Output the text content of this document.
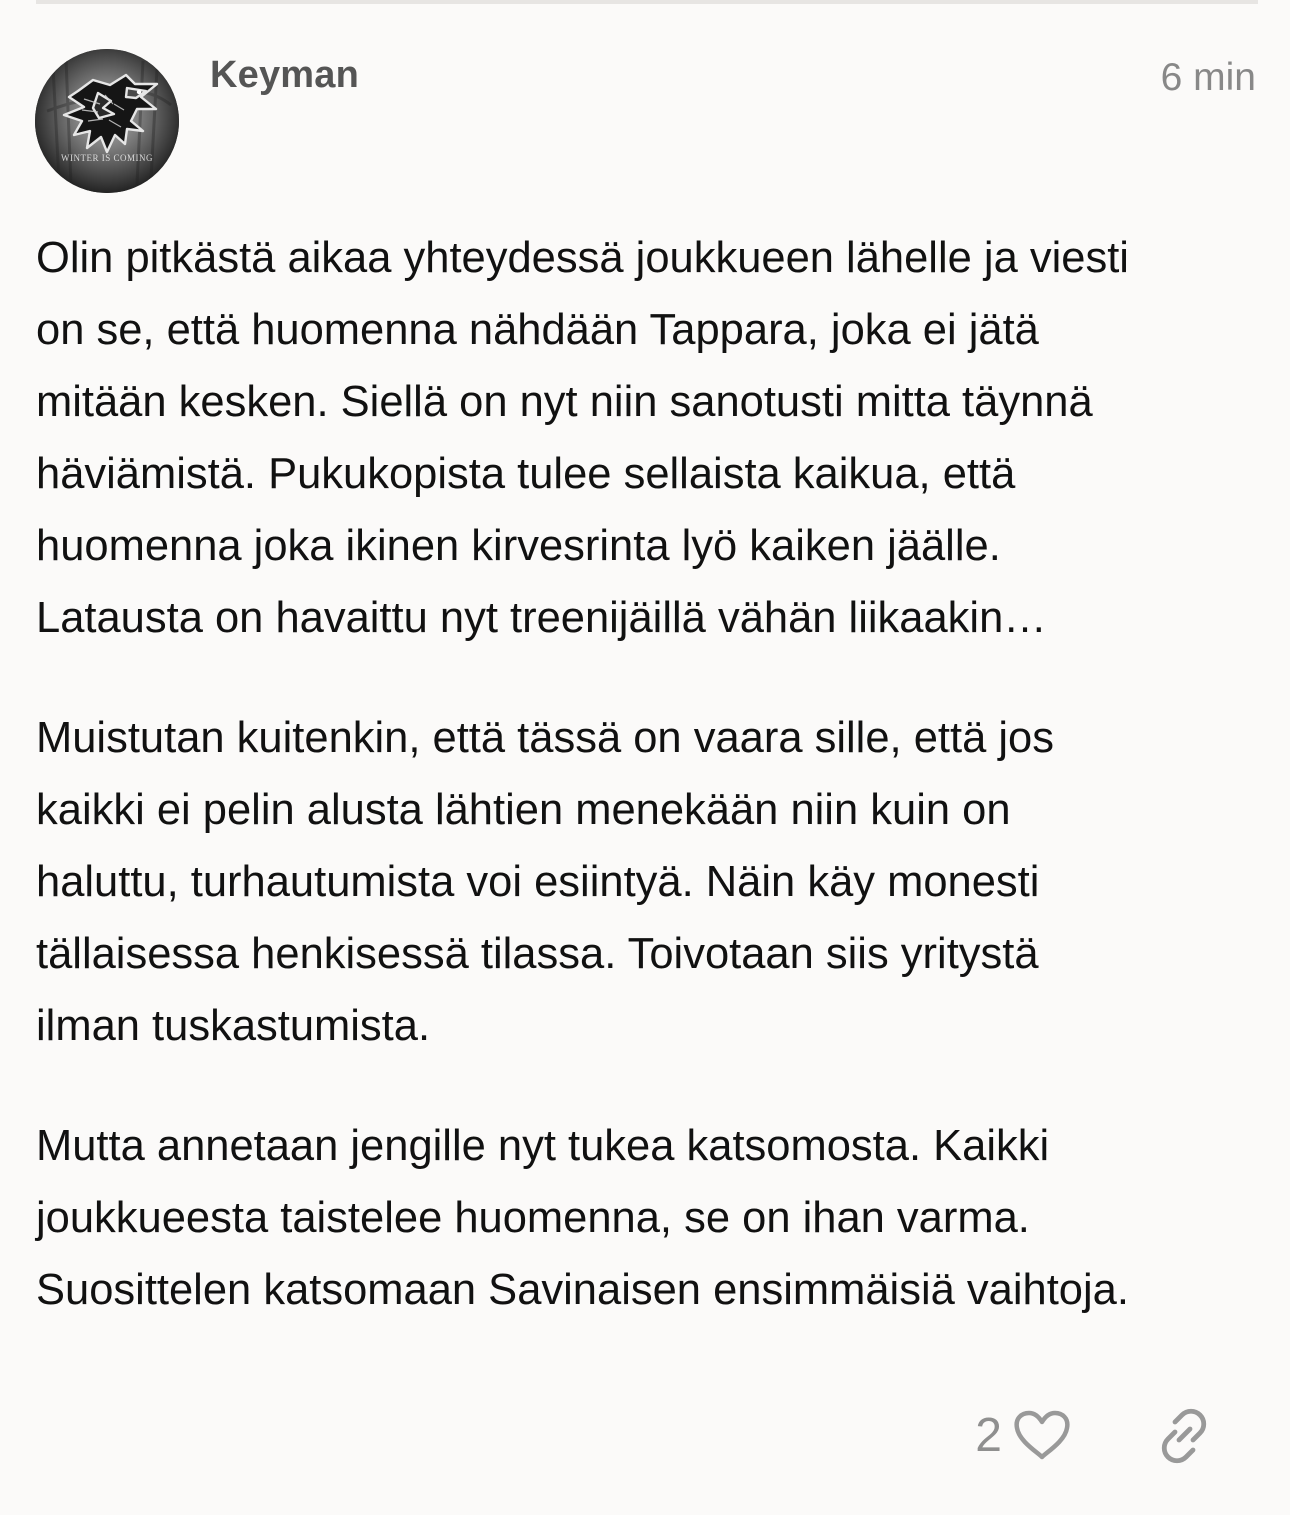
WINTER IS COMING
Keyman	6 min

Olin pitkästä aikaa yhteydessä joukkueen lähelle ja viesti
on se, että huomenna nähdään Tappara, joka ei jätä
mitään kesken. Siellä on nyt niin sanotusti mitta täynnä
häviämistä. Pukukopista tulee sellaista kaikua, että
huomenna joka ikinen kirvesrinta lyö kaiken jäälle.
Latausta on havaittu nyt treenijäillä vähän liikaakin…

Muistutan kuitenkin, että tässä on vaara sille, että jos
kaikki ei pelin alusta lähtien menekään niin kuin on
haluttu, turhautumista voi esiintyä. Näin käy monesti
tällaisessa henkisessä tilassa. Toivotaan siis yritystä
ilman tuskastumista.

Mutta annetaan jengille nyt tukea katsomosta. Kaikki
joukkueesta taistelee huomenna, se on ihan varma.
Suosittelen katsomaan Savinaisen ensimmäisiä vaihtoja.

2
